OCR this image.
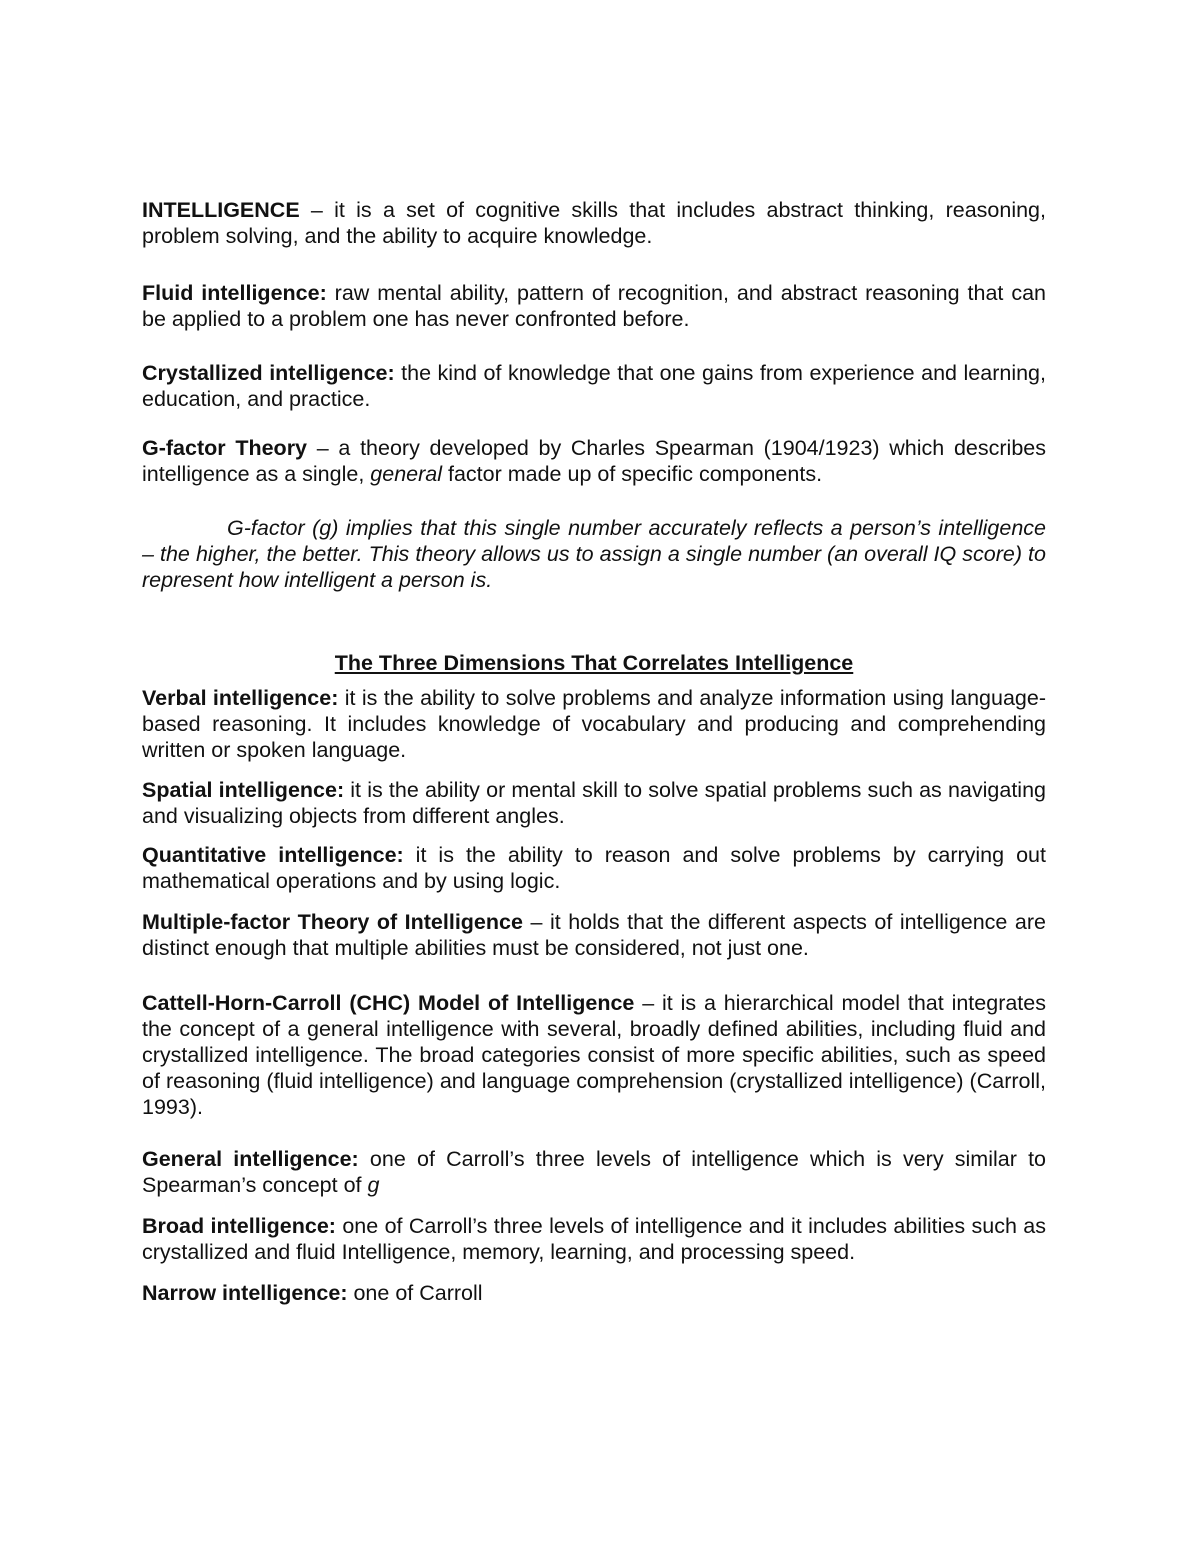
INTELLIGENCE – it is a set of cognitive skills that includes abstract thinking, reasoning, problem solving, and the ability to acquire knowledge.

Fluid intelligence: raw mental ability, pattern of recognition, and abstract reasoning that can be applied to a problem one has never confronted before.

Crystallized intelligence: the kind of knowledge that one gains from experience and learning, education, and practice.

G-factor Theory – a theory developed by Charles Spearman (1904/1923) which describes intelligence as a single, general factor made up of specific components.

G-factor (g) implies that this single number accurately reflects a person’s intelligence – the higher, the better. This theory allows us to assign a single number (an overall IQ score) to represent how intelligent a person is.

The Three Dimensions That Correlates Intelligence

Verbal intelligence: it is the ability to solve problems and analyze information using language-based reasoning. It includes knowledge of vocabulary and producing and comprehending written or spoken language.

Spatial intelligence: it is the ability or mental skill to solve spatial problems such as navigating and visualizing objects from different angles.

Quantitative intelligence: it is the ability to reason and solve problems by carrying out mathematical operations and by using logic.

Multiple-factor Theory of Intelligence – it holds that the different aspects of intelligence are distinct enough that multiple abilities must be considered, not just one.

Cattell-Horn-Carroll (CHC) Model of Intelligence – it is a hierarchical model that integrates the concept of a general intelligence with several, broadly defined abilities, including fluid and crystallized intelligence. The broad categories consist of more specific abilities, such as speed of reasoning (fluid intelligence) and language comprehension (crystallized intelligence) (Carroll, 1993).

General intelligence: one of Carroll’s three levels of intelligence which is very similar to Spearman’s concept of g

Broad intelligence: one of Carroll’s three levels of intelligence and it includes abilities such as crystallized and fluid Intelligence, memory, learning, and processing speed.

Narrow intelligence: one of Carroll
